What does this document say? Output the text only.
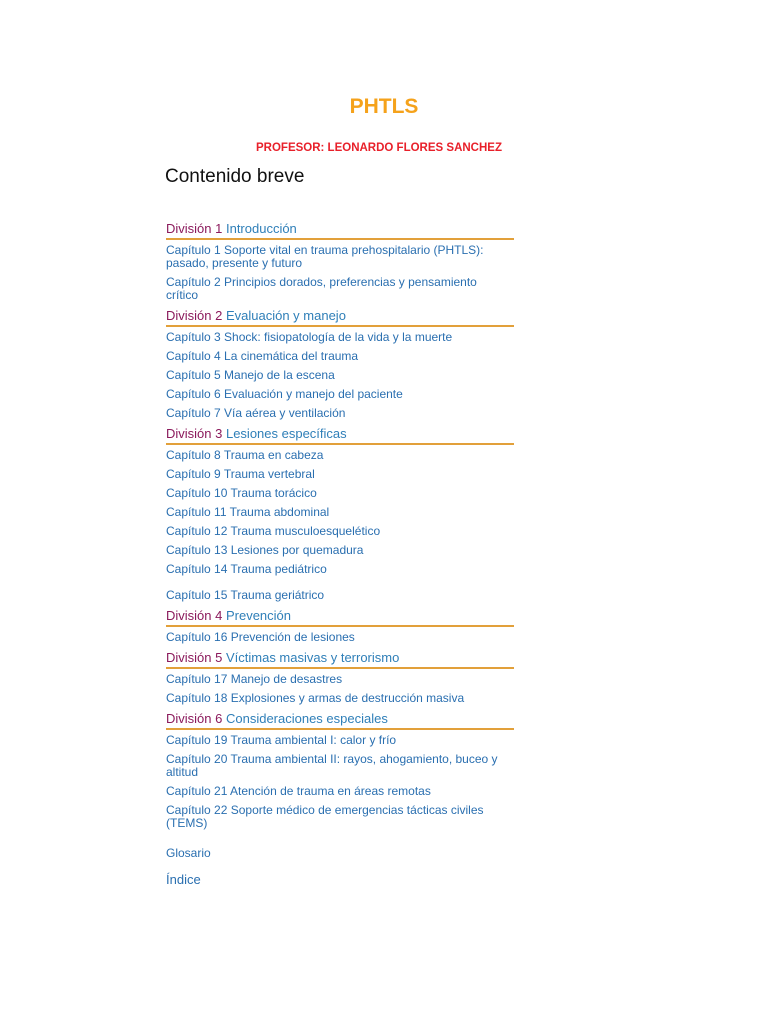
PHTLS
PROFESOR: LEONARDO FLORES SANCHEZ
Contenido breve
División 1 Introducción
Capítulo 1 Soporte vital en trauma prehospitalario (PHTLS): pasado, presente y futuro
Capítulo 2 Principios dorados, preferencias y pensamiento crítico
División 2 Evaluación y manejo
Capítulo 3 Shock: fisiopatología de la vida y la muerte
Capítulo 4 La cinemática del trauma
Capítulo 5 Manejo de la escena
Capítulo 6 Evaluación y manejo del paciente
Capítulo 7 Vía aérea y ventilación
División 3 Lesiones específicas
Capítulo 8 Trauma en cabeza
Capítulo 9 Trauma vertebral
Capítulo 10 Trauma torácico
Capítulo 11 Trauma abdominal
Capítulo 12 Trauma musculoesquelético
Capítulo 13 Lesiones por quemadura
Capítulo 14 Trauma pediátrico
Capítulo 15 Trauma geriátrico
División 4 Prevención
Capítulo 16 Prevención de lesiones
División 5 Víctimas masivas y terrorismo
Capítulo 17 Manejo de desastres
Capítulo 18 Explosiones y armas de destrucción masiva
División 6 Consideraciones especiales
Capítulo 19 Trauma ambiental I: calor y frío
Capítulo 20 Trauma ambiental II: rayos, ahogamiento, buceo y altitud
Capítulo 21 Atención de trauma en áreas remotas
Capítulo 22 Soporte médico de emergencias tácticas civiles (TEMS)
Glosario
Índice
